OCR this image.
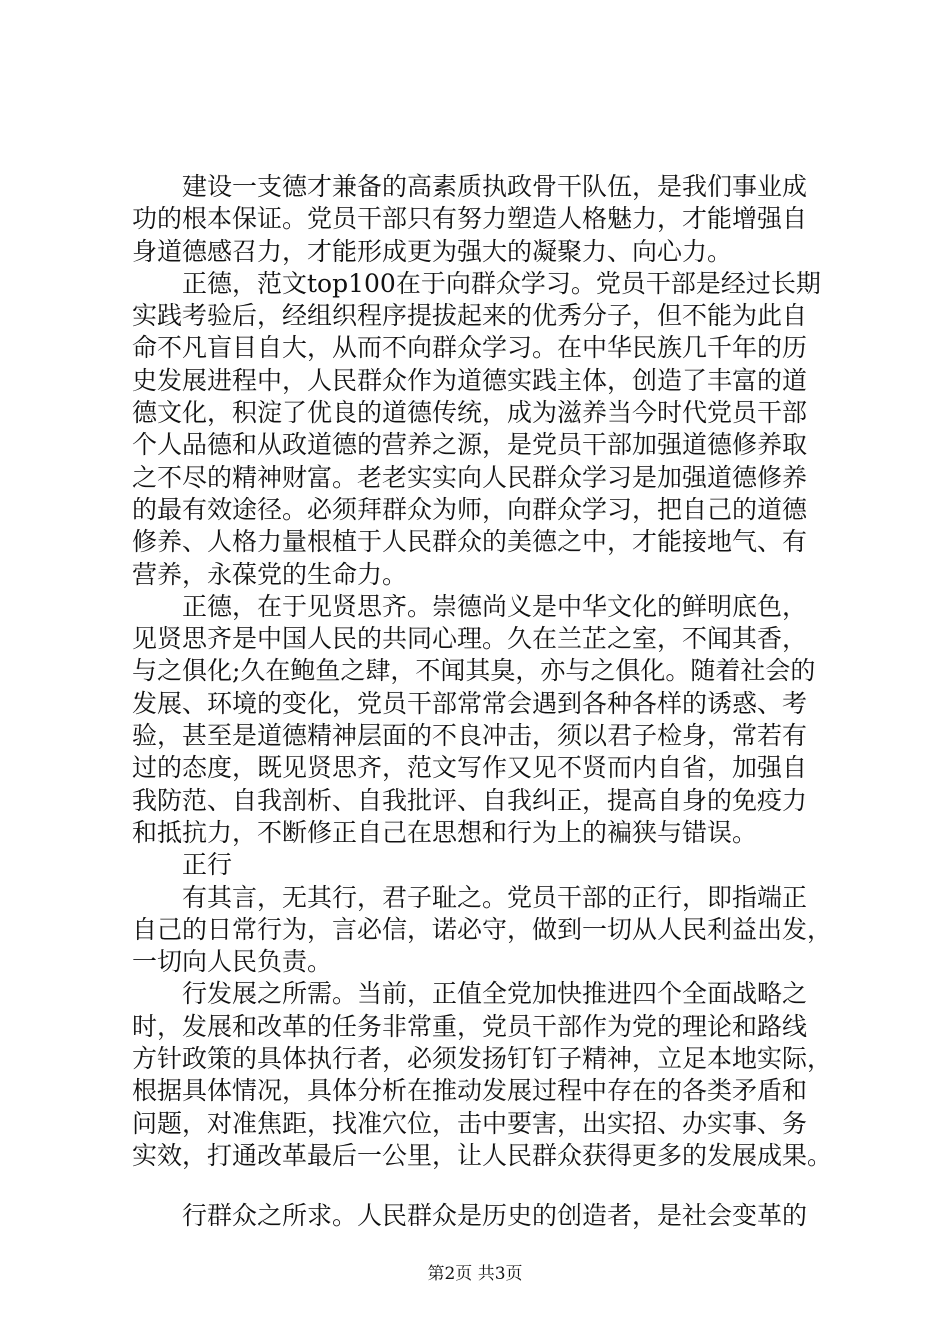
　　建设一支德才兼备的高素质执政骨干队伍，是我们事业成
功的根本保证。党员干部只有努力塑造人格魅力，才能增强自
身道德感召力，才能形成更为强大的凝聚力、向心力。
　　正德，范文top100在于向群众学习。党员干部是经过长期
实践考验后，经组织程序提拔起来的优秀分子，但不能为此自
命不凡盲目自大，从而不向群众学习。在中华民族几千年的历
史发展进程中，人民群众作为道德实践主体，创造了丰富的道
德文化，积淀了优良的道德传统，成为滋养当今时代党员干部
个人品德和从政道德的营养之源，是党员干部加强道德修养取
之不尽的精神财富。老老实实向人民群众学习是加强道德修养
的最有效途径。必须拜群众为师，向群众学习，把自己的道德
修养、人格力量根植于人民群众的美德之中，才能接地气、有
营养，永葆党的生命力。
　　正德，在于见贤思齐。崇德尚义是中华文化的鲜明底色，
见贤思齐是中国人民的共同心理。久在兰芷之室，不闻其香，
与之俱化;久在鲍鱼之肆，不闻其臭，亦与之俱化。随着社会的
发展、环境的变化，党员干部常常会遇到各种各样的诱惑、考
验，甚至是道德精神层面的不良冲击，须以君子检身，常若有
过的态度，既见贤思齐，范文写作又见不贤而内自省，加强自
我防范、自我剖析、自我批评、自我纠正，提高自身的免疫力
和抵抗力，不断修正自己在思想和行为上的褊狭与错误。
　　正行
　　有其言，无其行，君子耻之。党员干部的正行，即指端正
自己的日常行为，言必信，诺必守，做到一切从人民利益出发，
一切向人民负责。
　　行发展之所需。当前，正值全党加快推进四个全面战略之
时，发展和改革的任务非常重，党员干部作为党的理论和路线
方针政策的具体执行者，必须发扬钉钉子精神，立足本地实际，
根据具体情况，具体分析在推动发展过程中存在的各类矛盾和
问题，对准焦距，找准穴位，击中要害，出实招、办实事、务
实效，打通改革最后一公里，让人民群众获得更多的发展成果。
　　行群众之所求。人民群众是历史的创造者，是社会变革的
第2页 共3页
